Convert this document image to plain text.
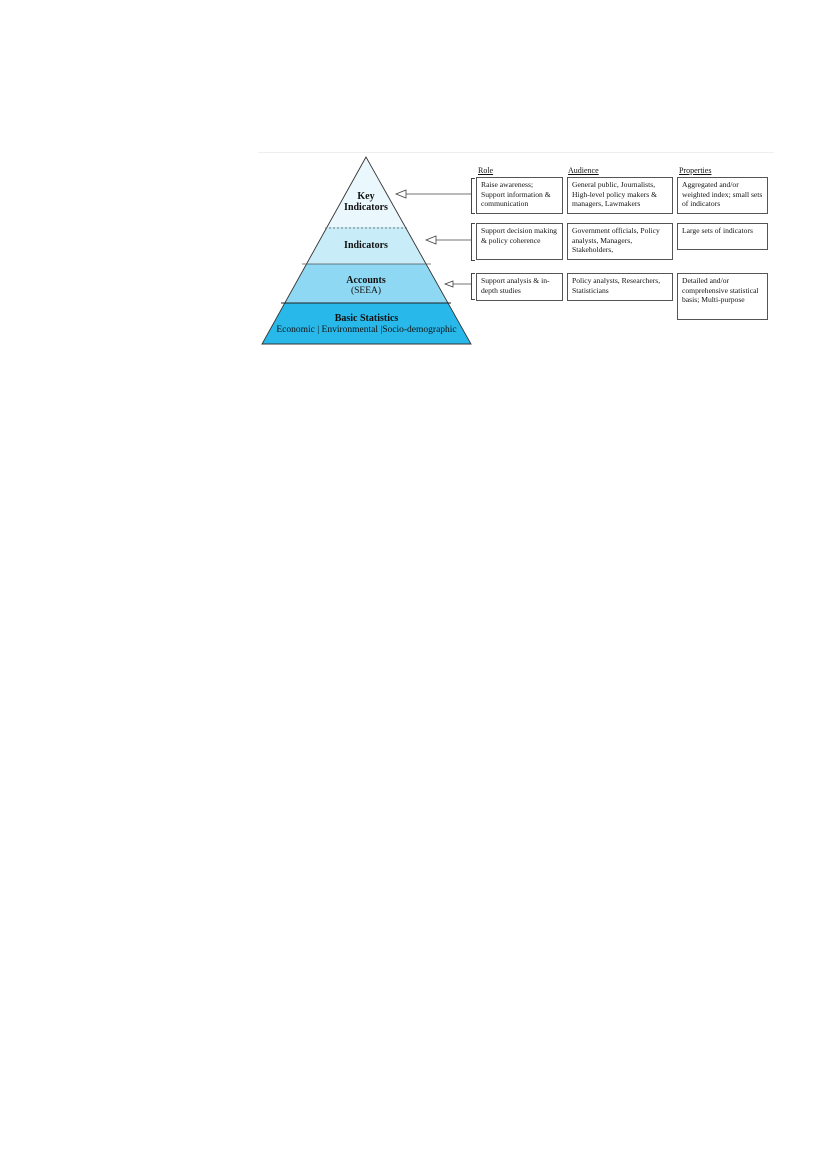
Key
Indicators
Indicators
Accounts
(SEEA)
Basic Statistics
Economic | Environmental |Socio-demographic
Role	Audience	Properties
Raise awareness; Support information & communication
General public, Journalists, High-level policy makers & managers, Lawmakers
Aggregated and/or weighted index; small sets of indicators
Support decision making & policy coherence
Government officials, Policy analysts, Managers, Stakeholders,
Large sets of indicators
Support analysis & in-depth studies
Policy analysts, Researchers, Statisticians
Detailed and/or comprehensive statistical basis; Multi-purpose
